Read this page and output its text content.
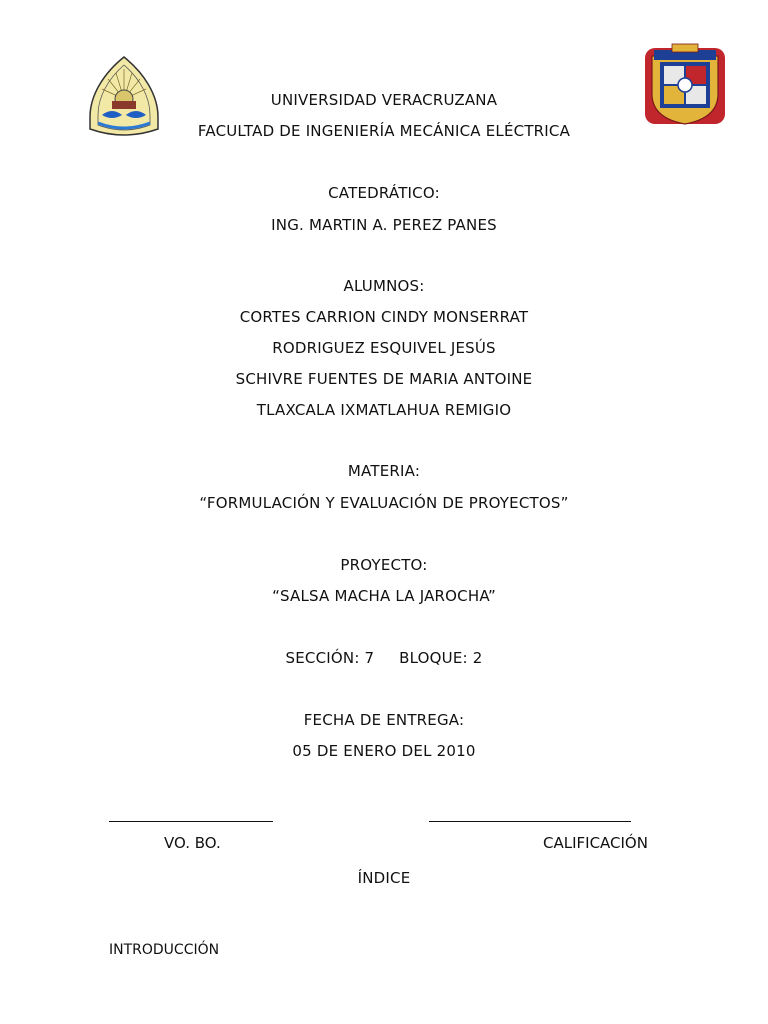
UNIVERSIDAD VERACRUZANA
FACULTAD DE INGENIERÍA MECÁNICA ELÉCTRICA
CATEDRÁTICO:
ING. MARTIN A. PEREZ PANES
ALUMNOS:
CORTES CARRION CINDY MONSERRAT
RODRIGUEZ ESQUIVEL JESÚS
SCHIVRE FUENTES DE MARIA ANTOINE
TLAXCALA IXMATLAHUA REMIGIO
MATERIA:
“FORMULACIÓN Y EVALUACIÓN DE PROYECTOS”
PROYECTO:
“SALSA MACHA LA JAROCHA”
SECCIÓN: 7     BLOQUE: 2
FECHA DE ENTREGA:
05 DE ENERO DEL 2010
VO. BO.	CALIFICACIÓN
ÍNDICE
INTRODUCCIÓN
